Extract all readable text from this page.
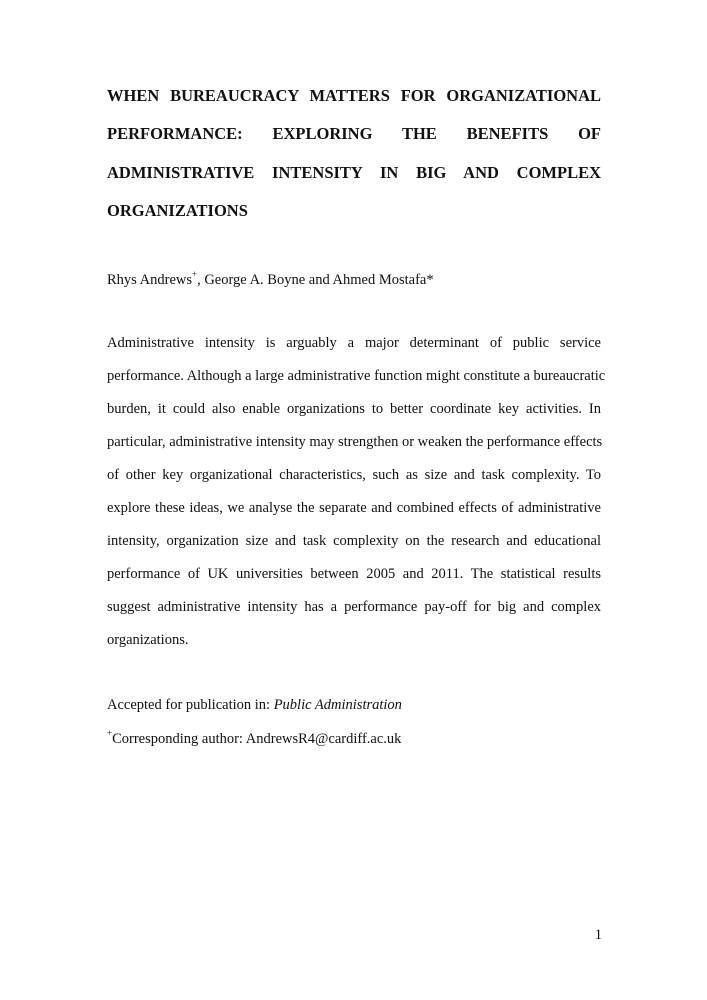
WHEN BUREAUCRACY MATTERS FOR ORGANIZATIONAL
PERFORMANCE: EXPLORING THE BENEFITS OF
ADMINISTRATIVE INTENSITY IN BIG AND COMPLEX
ORGANIZATIONS
Rhys Andrews+, George A. Boyne and Ahmed Mostafa*
Administrative intensity is arguably a major determinant of public service
performance. Although a large administrative function might constitute a bureaucratic
burden, it could also enable organizations to better coordinate key activities. In
particular, administrative intensity may strengthen or weaken the performance effects
of other key organizational characteristics, such as size and task complexity. To
explore these ideas, we analyse the separate and combined effects of administrative
intensity, organization size and task complexity on the research and educational
performance of UK universities between 2005 and 2011. The statistical results
suggest administrative intensity has a performance pay-off for big and complex
organizations.
Accepted for publication in: Public Administration
+Corresponding author: AndrewsR4@cardiff.ac.uk
1
